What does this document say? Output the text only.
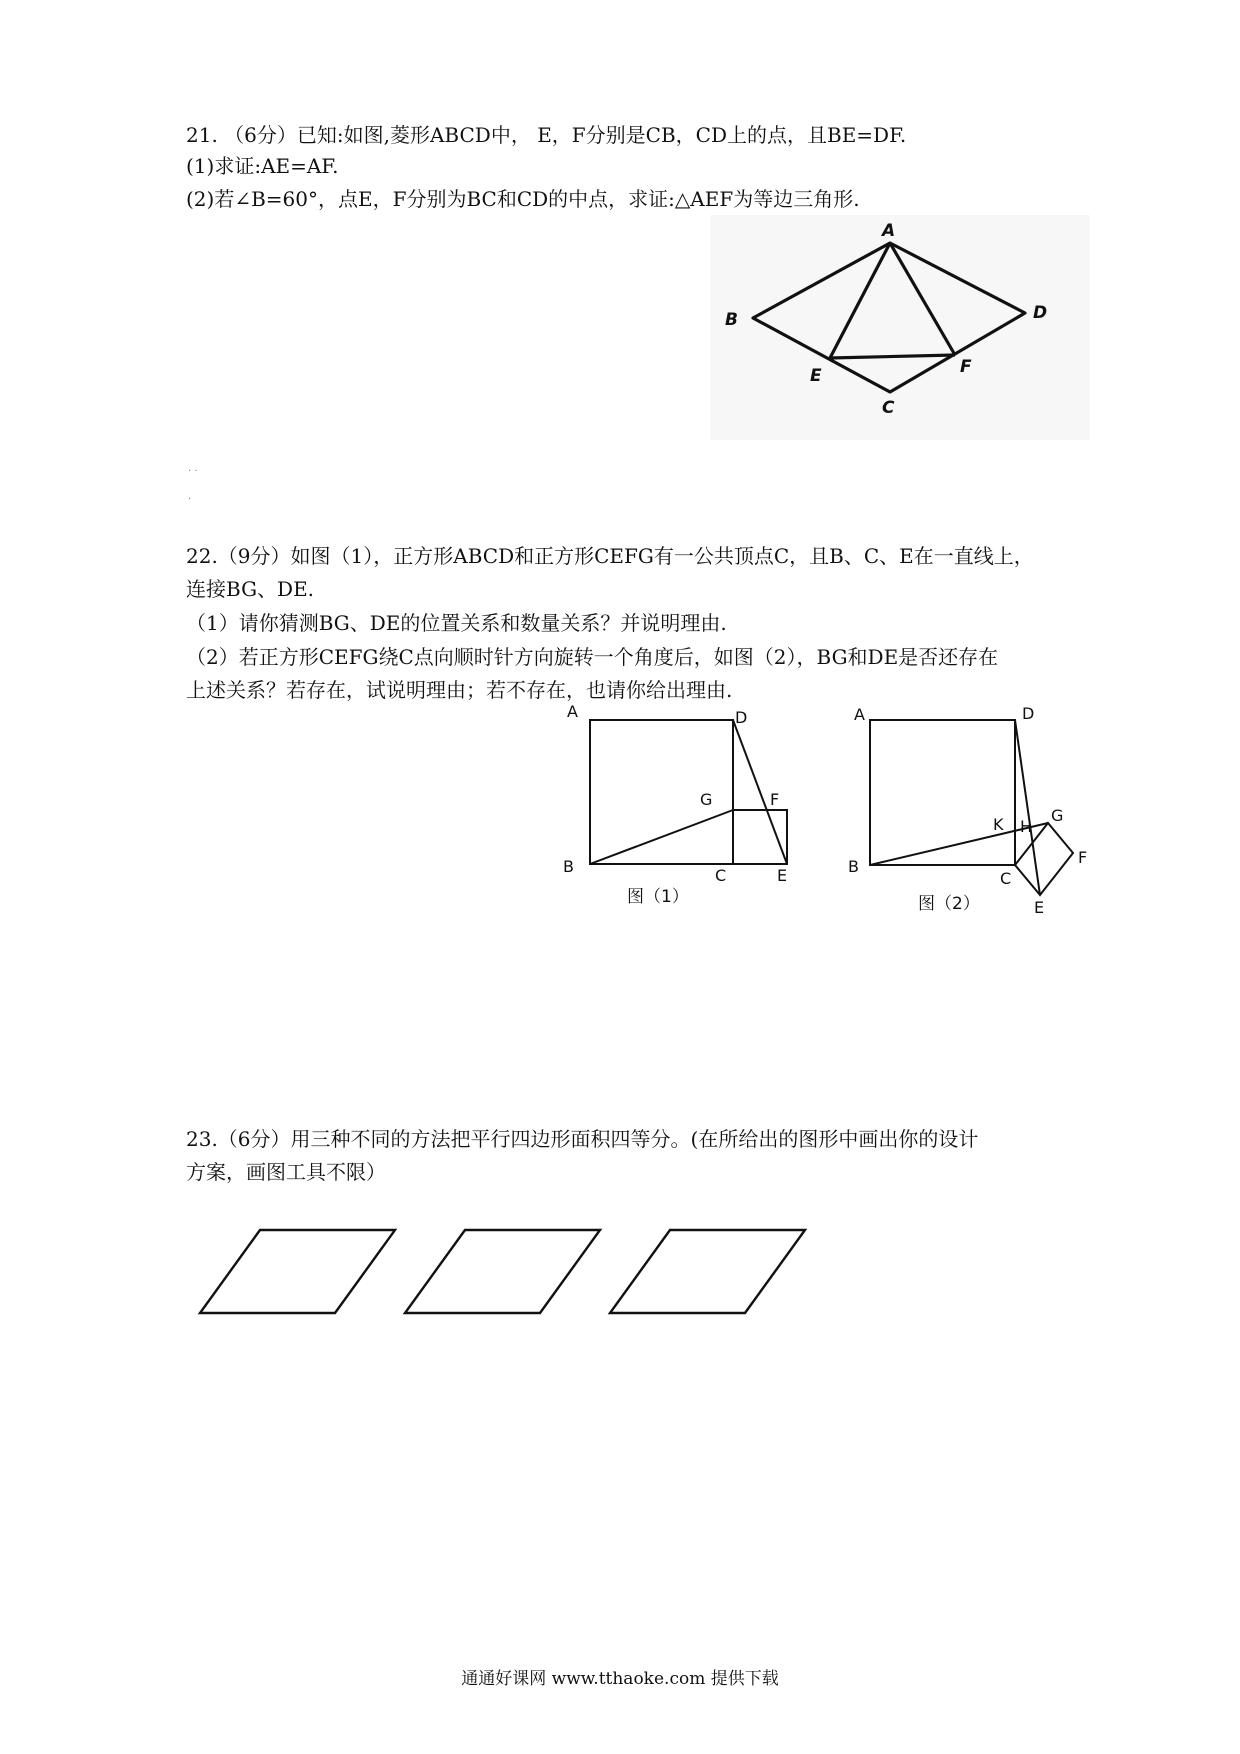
21. （6分）已知:如图,菱形ABCD中， E，F分别是CB，CD上的点，且BE=DF.
(1)求证:AE=AF.
(2)若∠B=60°，点E，F分别为BC和CD的中点，求证:△AEF为等边三角形.
A
B
C
D
E	F
. .
.
22.（9分）如图（1），正方形ABCD和正方形CEFG有一公共顶点C，且B、C、E在一直线上，
连接BG、DE.
（1）请你猜测BG、DE的位置关系和数量关系？并说明理由.
（2）若正方形CEFG绕C点向顺时针方向旋转一个角度后，如图（2），BG和DE是否还存在
上述关系？若存在，试说明理由；若不存在，也请你给出理由.
A	D
G	F
B	C	E
图（1）
A	D
K H
G
F
B
C
E
图（2）
23.（6分）用三种不同的方法把平行四边形面积四等分。(在所给出的图形中画出你的设计
方案，画图工具不限）
通通好课网 www.tthaoke.com 提供下载
